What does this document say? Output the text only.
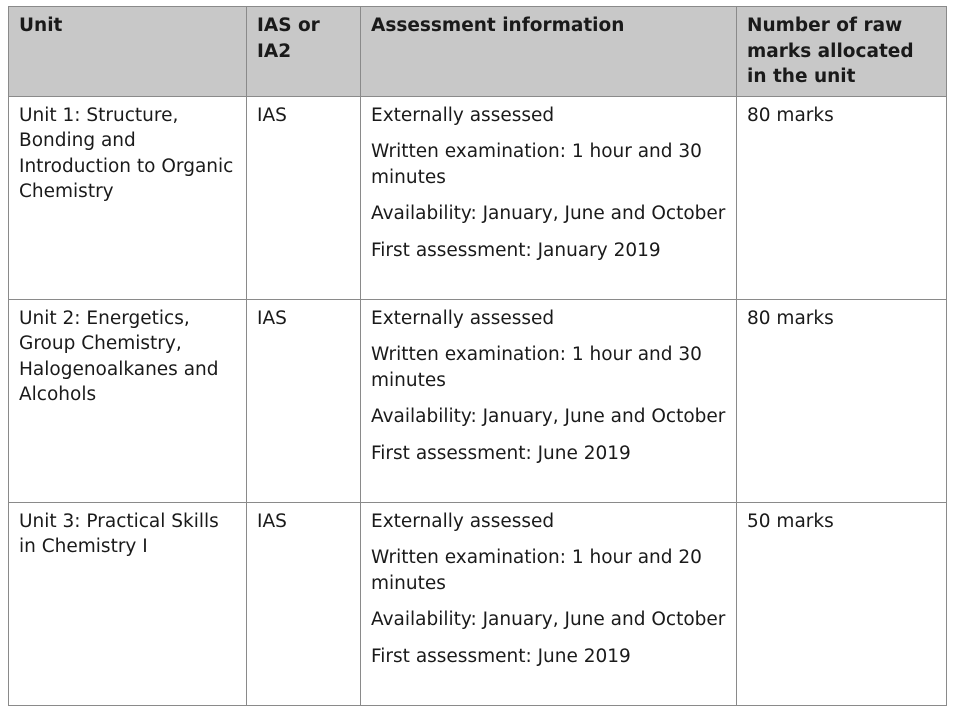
Unit	IAS or IA2	Assessment information	Number of raw marks allocated in the unit
Unit 1: Structure, Bonding and Introduction to Organic Chemistry	IAS	Externally assessed
Written examination: 1 hour and 30 minutes
Availability: January, June and October
First assessment: January 2019	80 marks
Unit 2: Energetics, Group Chemistry, Halogenoalkanes and Alcohols	IAS	Externally assessed
Written examination: 1 hour and 30 minutes
Availability: January, June and October
First assessment: June 2019	80 marks
Unit 3: Practical Skills in Chemistry I	IAS	Externally assessed
Written examination: 1 hour and 20 minutes
Availability: January, June and October
First assessment: June 2019	50 marks
